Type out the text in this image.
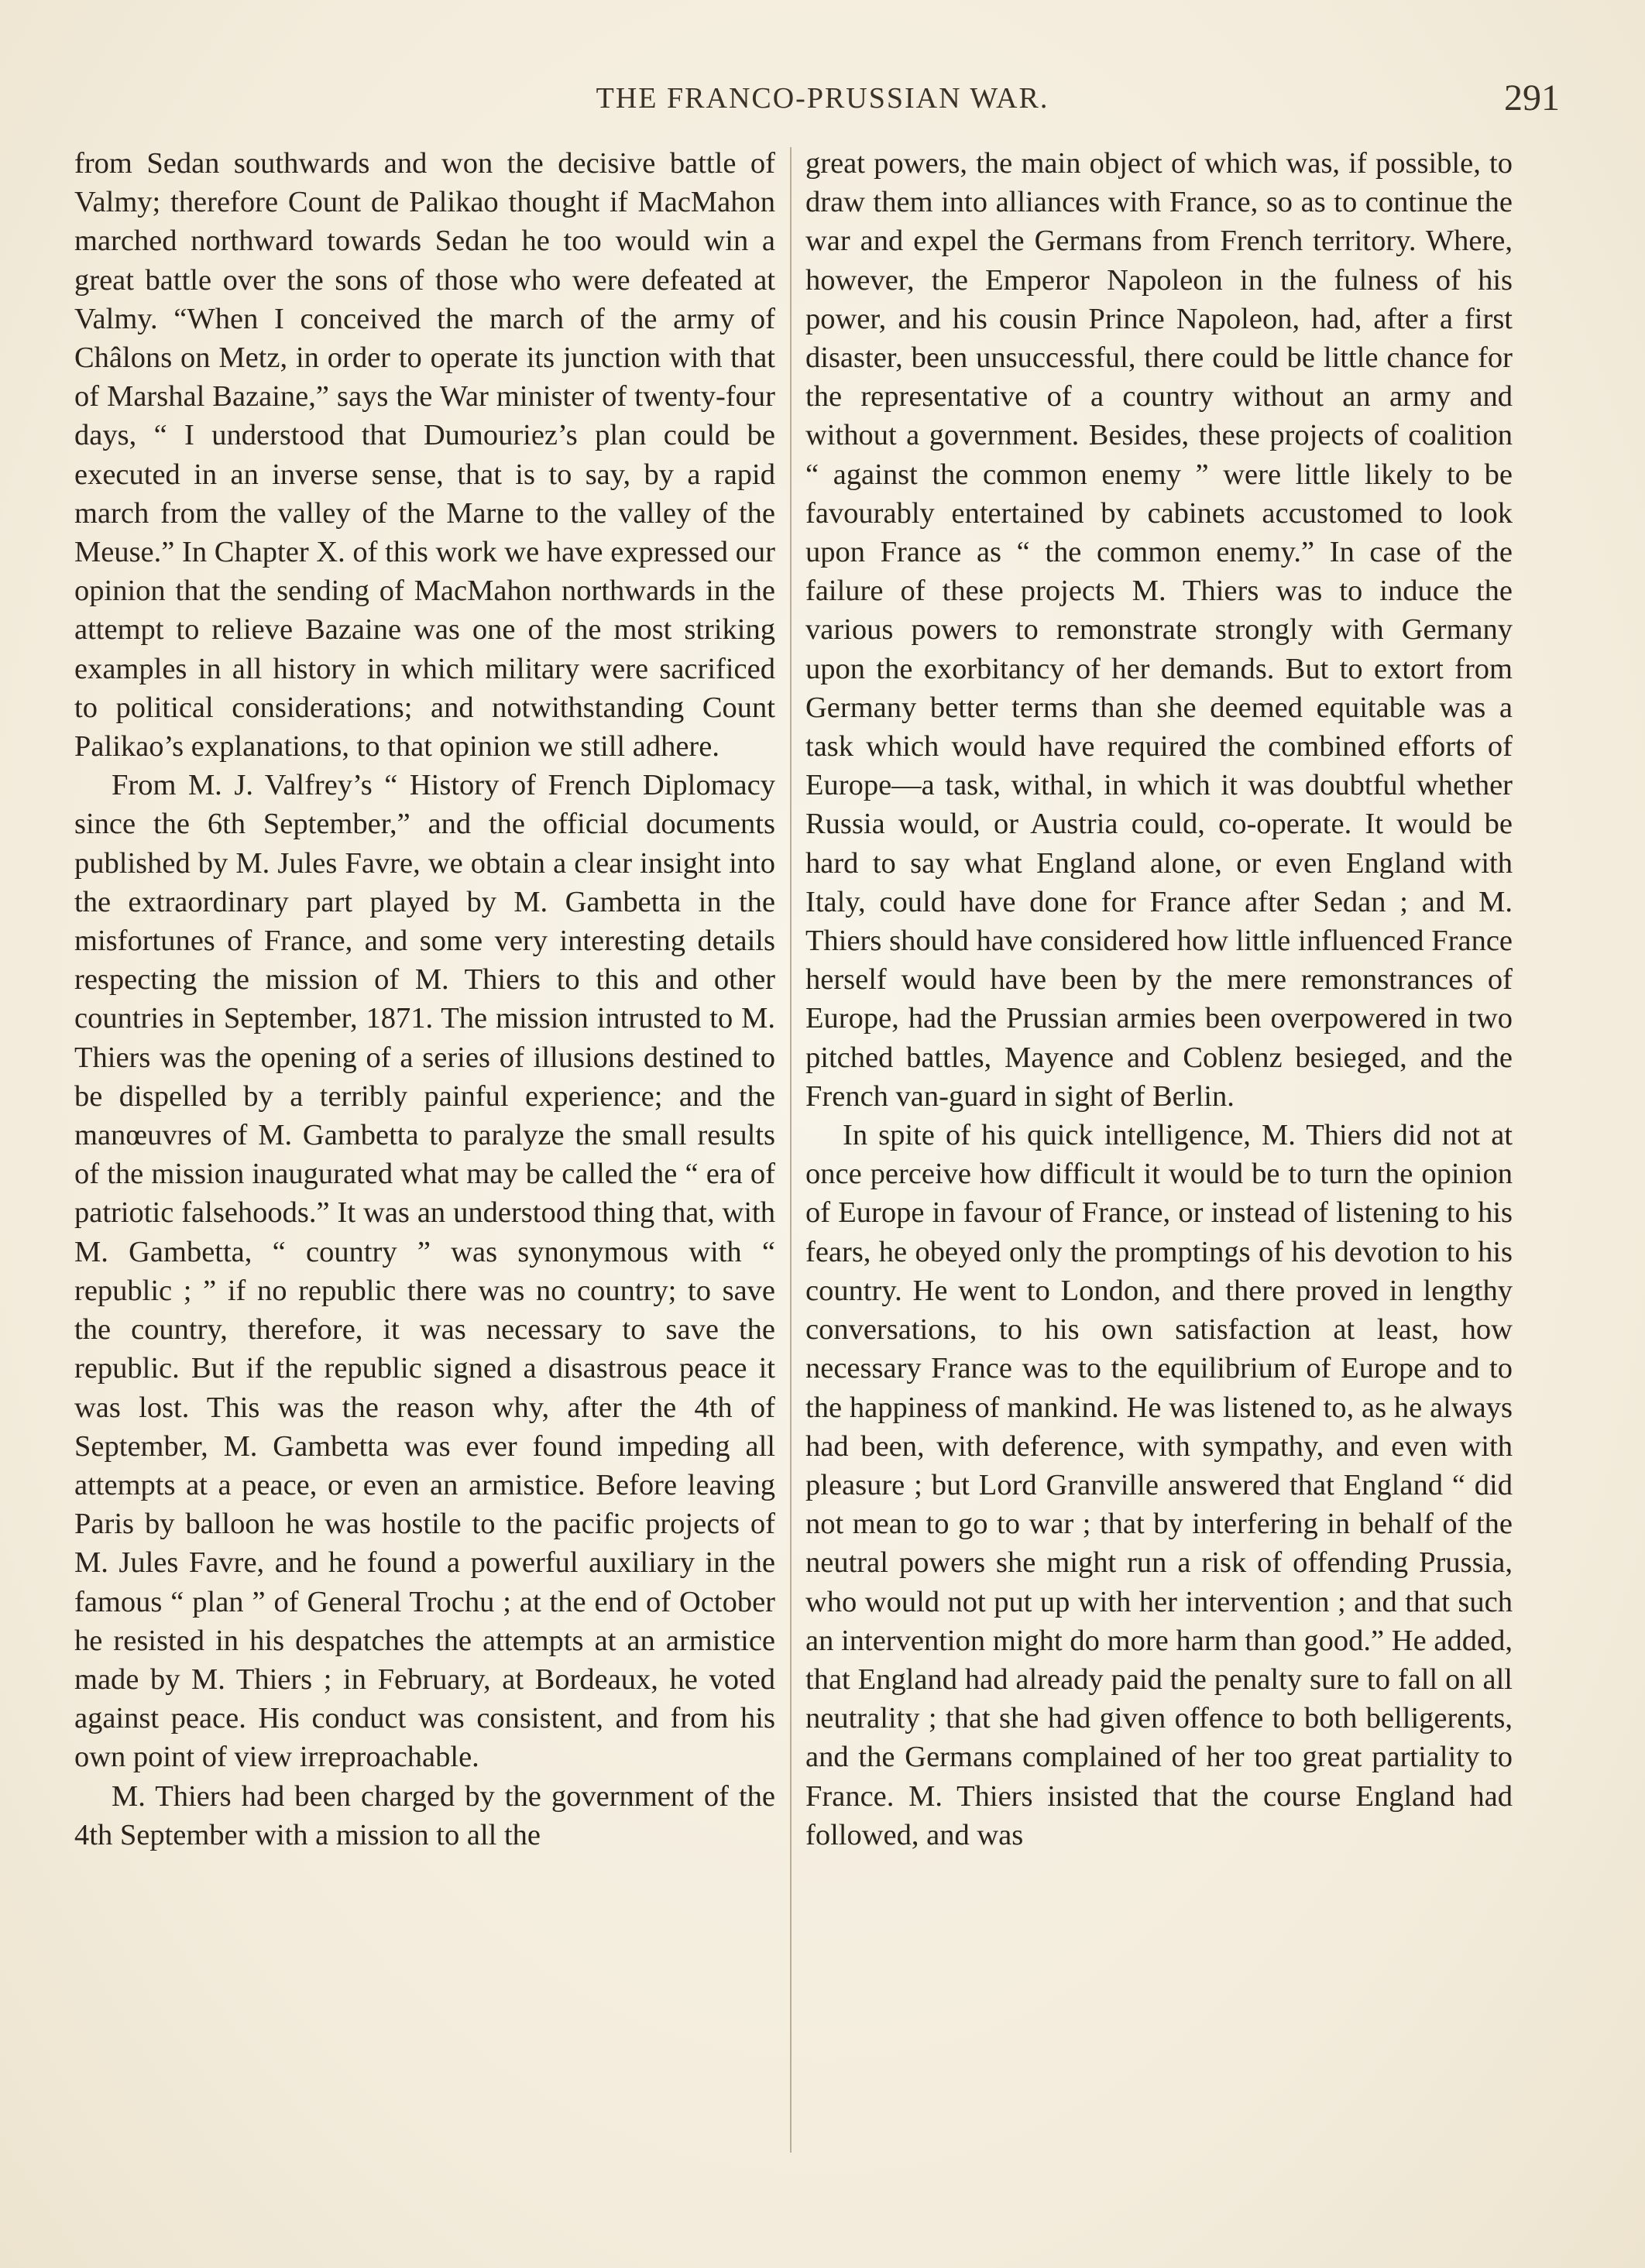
THE FRANCO-PRUSSIAN WAR.	291

from Sedan southwards and won the decisive battle of Valmy; therefore Count de Palikao thought if MacMahon marched northward towards Sedan he too would win a great battle over the sons of those who were defeated at Valmy. “When I conceived the march of the army of Châlons on Metz, in order to operate its junction with that of Marshal Bazaine,” says the War minister of twenty-four days, “ I understood that Dumouriez’s plan could be executed in an inverse sense, that is to say, by a rapid march from the valley of the Marne to the valley of the Meuse.” In Chapter X. of this work we have expressed our opinion that the sending of MacMahon northwards in the attempt to relieve Bazaine was one of the most striking examples in all history in which military were sacrificed to political considerations; and notwithstanding Count Palikao’s explanations, to that opinion we still adhere.

From M. J. Valfrey’s “ History of French Diplomacy since the 6th September,” and the official documents published by M. Jules Favre, we obtain a clear insight into the extraordinary part played by M. Gambetta in the misfortunes of France, and some very interesting details respecting the mission of M. Thiers to this and other countries in September, 1871. The mission intrusted to M. Thiers was the opening of a series of illusions destined to be dispelled by a terribly painful experience; and the manœuvres of M. Gambetta to paralyze the small results of the mission inaugurated what may be called the “ era of patriotic falsehoods.” It was an understood thing that, with M. Gambetta, “ country ” was synonymous with “ republic ; ” if no republic there was no country; to save the country, therefore, it was necessary to save the republic. But if the republic signed a disastrous peace it was lost. This was the reason why, after the 4th of September, M. Gambetta was ever found impeding all attempts at a peace, or even an armistice. Before leaving Paris by balloon he was hostile to the pacific projects of M. Jules Favre, and he found a powerful auxiliary in the famous “ plan ” of General Trochu ; at the end of October he resisted in his despatches the attempts at an armistice made by M. Thiers ; in February, at Bordeaux, he voted against peace. His conduct was consistent, and from his own point of view irreproachable.

M. Thiers had been charged by the government of the 4th September with a mission to all the

great powers, the main object of which was, if possible, to draw them into alliances with France, so as to continue the war and expel the Germans from French territory. Where, however, the Emperor Napoleon in the fulness of his power, and his cousin Prince Napoleon, had, after a first disaster, been unsuccessful, there could be little chance for the representative of a country without an army and without a government. Besides, these projects of coalition “ against the common enemy ” were little likely to be favourably entertained by cabinets accustomed to look upon France as “ the common enemy.” In case of the failure of these projects M. Thiers was to induce the various powers to remonstrate strongly with Germany upon the exorbitancy of her demands. But to extort from Germany better terms than she deemed equitable was a task which would have required the combined efforts of Europe—a task, withal, in which it was doubtful whether Russia would, or Austria could, co-operate. It would be hard to say what England alone, or even England with Italy, could have done for France after Sedan ; and M. Thiers should have considered how little influenced France herself would have been by the mere remonstrances of Europe, had the Prussian armies been overpowered in two pitched battles, Mayence and Coblenz besieged, and the French van-guard in sight of Berlin.

In spite of his quick intelligence, M. Thiers did not at once perceive how difficult it would be to turn the opinion of Europe in favour of France, or instead of listening to his fears, he obeyed only the promptings of his devotion to his country. He went to London, and there proved in lengthy conversations, to his own satisfaction at least, how necessary France was to the equilibrium of Europe and to the happiness of mankind. He was listened to, as he always had been, with deference, with sympathy, and even with pleasure ; but Lord Granville answered that England “ did not mean to go to war ; that by interfering in behalf of the neutral powers she might run a risk of offending Prussia, who would not put up with her intervention ; and that such an intervention might do more harm than good.” He added, that England had already paid the penalty sure to fall on all neutrality ; that she had given offence to both belligerents, and the Germans complained of her too great partiality to France. M. Thiers insisted that the course England had followed, and was
